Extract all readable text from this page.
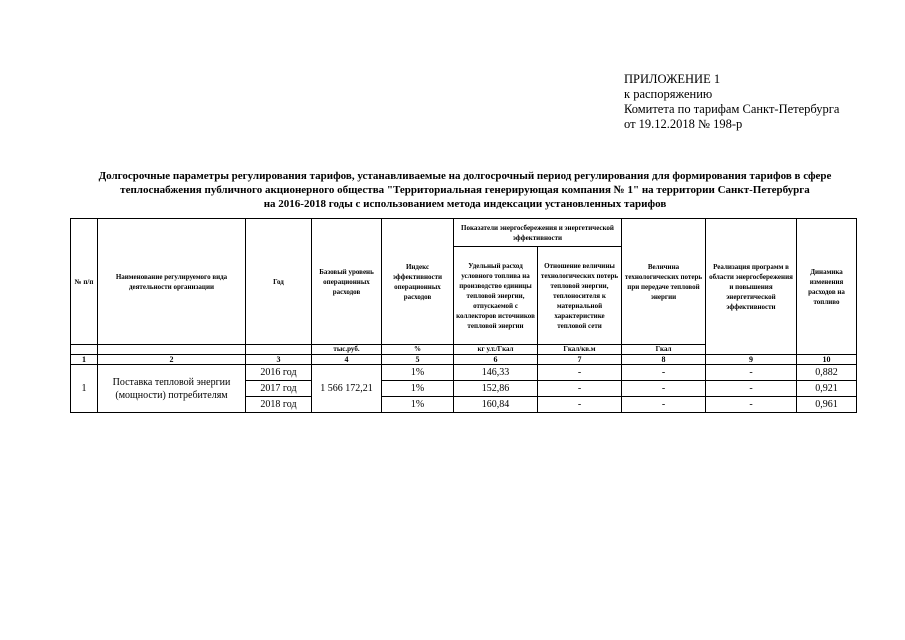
ПРИЛОЖЕНИЕ 1
к распоряжению
Комитета по тарифам Санкт-Петербурга
от 19.12.2018 № 198-р
Долгосрочные параметры регулирования тарифов, устанавливаемые на долгосрочный период регулирования для формирования тарифов в сфере
теплоснабжения публичного акционерного общества "Территориальная генерирующая компания № 1" на территории Санкт-Петербурга
на 2016-2018 годы с использованием метода индексации установленных тарифов
№ п/п	Наименование регулируемого вида деятельности организации	Год	Базовый уровень операционных расходов	Индекс эффективности операционных расходов	Показатели энергосбережения и энергетической эффективности		Величина технологических потерь при передаче тепловой энергии	Реализация программ в области энергосбережения и повышения энергетической эффективности	Динамика изменения расходов на топливо
					Удельный расход условного топлива на производство единицы тепловой энергии, отпускаемой с коллекторов источников тепловой энергии	Отношение величины технологических потерь тепловой энергии, теплоносителя к материальной характеристике тепловой сети			
			тыс.руб.	%	кг у.т./Гкал	Гкал/кв.м	Гкал		
1	2	3	4	5	6	7	8	9	10
1	Поставка тепловой энергии (мощности) потребителям	2016 год	1 566 172,21	1%	146,33	-	-	-	0,882
		2017 год		1%	152,86	-	-	-	0,921
		2018 год		1%	160,84	-	-	-	0,961
